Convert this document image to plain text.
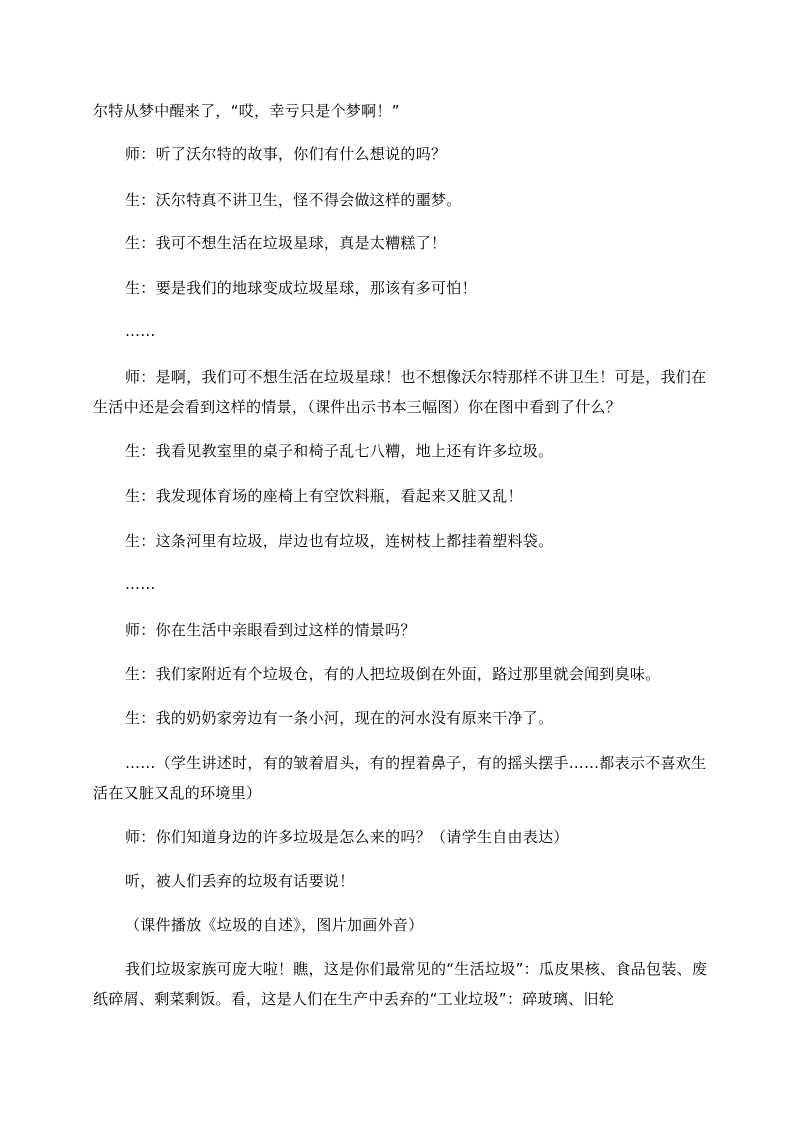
尔特从梦中醒来了，“哎，幸亏只是个梦啊！”

师：听了沃尔特的故事，你们有什么想说的吗？

生：沃尔特真不讲卫生，怪不得会做这样的噩梦。

生：我可不想生活在垃圾星球，真是太糟糕了！

生：要是我们的地球变成垃圾星球，那该有多可怕！

……

师：是啊，我们可不想生活在垃圾星球！也不想像沃尔特那样不讲卫生！可是，我们在生活中还是会看到这样的情景，（课件出示书本三幅图）你在图中看到了什么？

生：我看见教室里的桌子和椅子乱七八糟，地上还有许多垃圾。

生：我发现体育场的座椅上有空饮料瓶，看起来又脏又乱！

生：这条河里有垃圾，岸边也有垃圾，连树枝上都挂着塑料袋。

……

师：你在生活中亲眼看到过这样的情景吗？

生：我们家附近有个垃圾仓，有的人把垃圾倒在外面，路过那里就会闻到臭味。

生：我的奶奶家旁边有一条小河，现在的河水没有原来干净了。

……（学生讲述时，有的皱着眉头，有的捏着鼻子，有的摇头摆手……都表示不喜欢生活在又脏又乱的环境里）

师：你们知道身边的许多垃圾是怎么来的吗？（请学生自由表达）

听，被人们丢弃的垃圾有话要说！

（课件播放《垃圾的自述》，图片加画外音）

我们垃圾家族可庞大啦！瞧，这是你们最常见的“生活垃圾”：瓜皮果核、食品包装、废纸碎屑、剩菜剩饭。看，这是人们在生产中丢弃的“工业垃圾”：碎玻璃、旧轮
